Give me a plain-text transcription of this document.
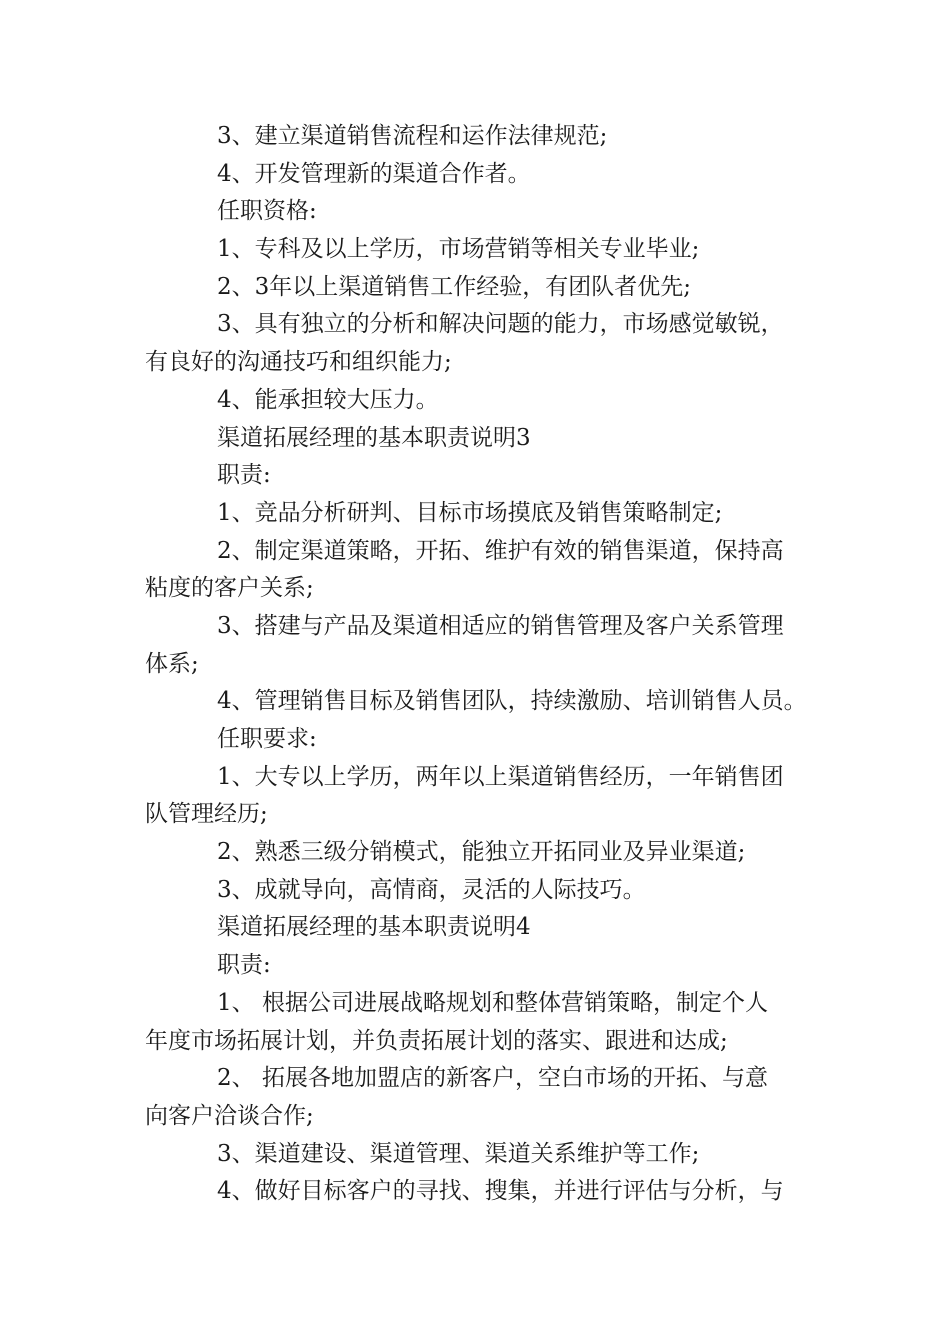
3、建立渠道销售流程和运作法律规范;
4、开发管理新的渠道合作者。
任职资格:
1、专科及以上学历，市场营销等相关专业毕业;
2、3年以上渠道销售工作经验，有团队者优先;
3、具有独立的分析和解决问题的能力，市场感觉敏锐，
有良好的沟通技巧和组织能力;
4、能承担较大压力。
渠道拓展经理的基本职责说明3
职责:
1、竞品分析研判、目标市场摸底及销售策略制定;
2、制定渠道策略，开拓、维护有效的销售渠道，保持高
粘度的客户关系;
3、搭建与产品及渠道相适应的销售管理及客户关系管理
体系;
4、管理销售目标及销售团队，持续激励、培训销售人员。
任职要求:
1、大专以上学历，两年以上渠道销售经历，一年销售团
队管理经历;
2、熟悉三级分销模式，能独立开拓同业及异业渠道;
3、成就导向，高情商，灵活的人际技巧。
渠道拓展经理的基本职责说明4
职责:
1、 根据公司进展战略规划和整体营销策略，制定个人
年度市场拓展计划，并负责拓展计划的落实、跟进和达成;
2、 拓展各地加盟店的新客户，空白市场的开拓、与意
向客户洽谈合作;
3、渠道建设、渠道管理、渠道关系维护等工作;
4、做好目标客户的寻找、搜集，并进行评估与分析，与
